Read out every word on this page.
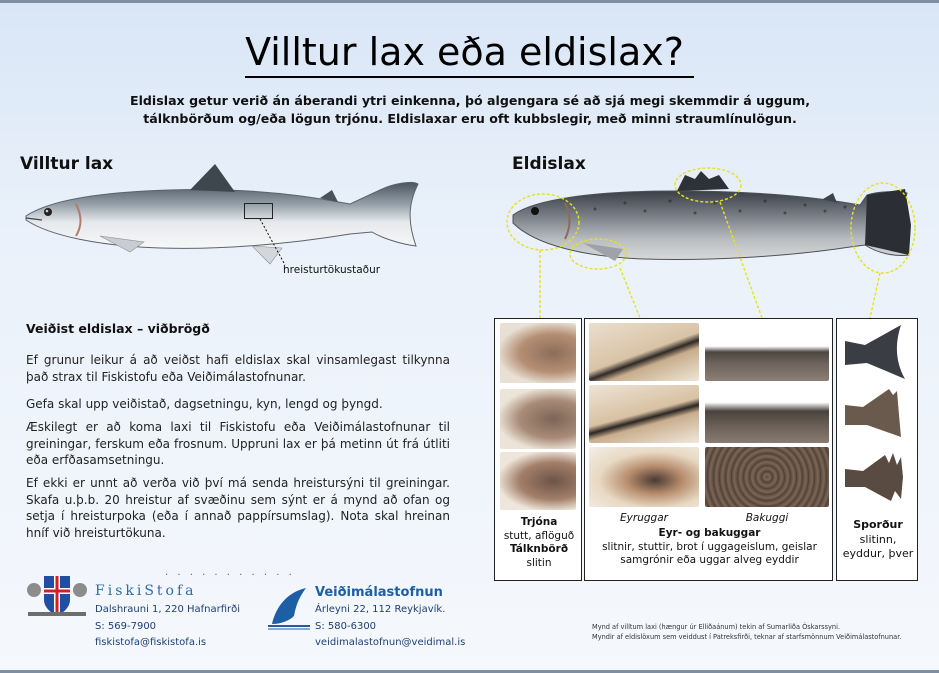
Villtur lax eða eldislax?
Eldislax getur verið án áberandi ytri einkenna, þó algengara sé að sjá megi skemmdir á uggum, tálknbörðum og/eða lögun trjónu. Eldislaxar eru oft kubbslegir, með minni straumlínulögun.
Villtur lax	Eldislax
hreisturtökustaður
Veiðist eldislax – viðbrögð
Ef grunur leikur á að veiðst hafi eldislax skal vinsamlegast tilkynna það strax til Fiskistofu eða Veiðimálastofnunar.
Gefa skal upp veiðistað, dagsetningu, kyn, lengd og þyngd.
Æskilegt er að koma laxi til Fiskistofu eða Veiðimálastofnunar til greiningar, ferskum eða frosnum. Uppruni lax er þá metinn út frá útliti eða erfðasamsetningu.
Ef ekki er unnt að verða við því má senda hreistursýni til greiningar. Skafa u.þ.b. 20 hreistur af svæðinu sem sýnt er á mynd að ofan og setja í hreisturpoka (eða í annað pappírsumslag). Nota skal hreinan hníf við hreisturtökuna.
Trjóna
stutt, aflöguð
Tálknbörð
slitin
Eyruggar	Bakuggi
Eyr- og bakuggar
slitnir, stuttir, brot í uggageislum, geislar samgrónir eða uggar alveg eyddir
Sporður
slitinn, eyddur, þver
· · · · · · · · · · ·
FiskiStofa
Dalshrauni 1, 220 Hafnarfirði
S: 569-7900
fiskistofa@fiskistofa.is
Veiðimálastofnun
Árleyni 22, 112 Reykjavík.
S: 580-6300
veidimalastofnun@veidimal.is
Mynd af villtum laxi (hængur úr Elliðaánum) tekin af Sumarliða Óskarssyni.
Myndir af eldislöxum sem veiddust í Patreksfirði, teknar af starfsmönnum Veiðimálastofnunar.
